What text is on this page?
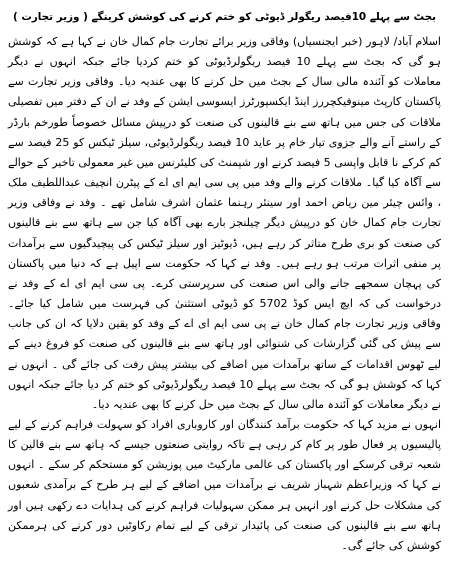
بجٹ سے پہلے 10فیصد ریگولر ڈیوٹی کو ختم کرنے کی کوشش کرینگے ( وزیر تجارت )

اسلام آباد/ لاہور (خبر ایجنسیاں) وفاقی وزیر برائے تجارت جام کمال خان نے کہا ہے کہ کوشش ہو گی کہ بجٹ سے پہلے 10 فیصد ریگولرڈیوٹی کو ختم کردیا جائے جبکہ انہوں نے دیگر معاملات کو آئندہ مالی سال کے بجٹ میں حل کرنے کا بھی عندیہ دیا۔ وفاقی وزیر تجارت سے پاکستان کارپٹ مینوفیکچررز اینڈ ایکسپورٹرز ایسوسی ایشن کے وفد نے ان کے دفتر میں تفصیلی ملاقات کی جس میں ہاتھ سے بنے قالینوں کی صنعت کو درپیش مسائل خصوصاً طورخم بارڈر کے راستے آنے والے جزوی تیار خام پر عاید 10 فیصد ریگولرڈیوٹی، سیلز ٹیکس کو 25 فیصد سے کم کرکے نا قابل واپسی 5 فیصد کرنے اور شپمنٹ کی کلیئرنس میں غیر معمولی تاخیر کے حوالے سے آگاہ کیا گیا۔ ملاقات کرنے والے وفد میں پی سی ایم ای اے کے پیٹرن انچیف عبداللطیف ملک ، وائس چیئر مین ریاض احمد اور سینئر رہنما عثمان اشرف شامل تھے ۔ وفد نے وفاقی وزیر تجارت جام کمال خان کو درپیش دیگر چیلنجز بارے بھی آگاہ کیا جن سے ہاتھ سے بنے قالینوں کی صنعت کو بری طرح متاثر کر رہے ہیں، ڈیوٹیز اور سیلز ٹیکس کی پیچیدگیوں سے برآمدات پر منفی اثرات مرتب ہو رہے ہیں۔ وفد نے کہا کہ حکومت سے اپیل ہے کہ دنیا میں پاکستان کی پہچان سمجھے جانے والی اس صنعت کی سرپرستی کرے۔ پی سی ایم ای اے کے وفد نے درخواست کی کہ ایچ ایس کوڈ 5702 کو ڈیوٹی استثنیٰ کی فہرست میں شامل کیا جائے۔ وفاقی وزیر تجارت جام کمال خان نے پی سی ایم ای اے کے وفد کو یقین دلایا کہ ان کی جانب سے پیش کی گئی گزارشات کی شنوائی اور ہاتھ سے بنے قالینوں کی صنعت کو فروغ دینے کے لیے ٹھوس اقدامات کے ساتھ برآمدات میں اضافے کی بیشتر پیش رفت کی جائے گی ۔ انہوں نے کہا کہ کوشش ہو گی کہ بجٹ سے پہلے 10 فیصد ریگولرڈیوٹی کو ختم کر دیا جائے جبکہ انہوں نے دیگر معاملات کو آئندہ مالی سال کے بجٹ میں حل کرنے کا بھی عندیہ دیا۔

انہوں نے مزید کہا کہ حکومت برآمد کنندگان اور کاروباری افراد کو سہولت فراہم کرنے کے لیے پالیسیوں پر فعال طور پر کام کر رہی ہے تاکہ روایتی صنعتوں جیسے کہ ہاتھ سے بنے قالین کا شعبہ ترقی کرسکے اور پاکستان کی عالمی مارکیٹ میں پوزیشن کو مستحکم کر سکے ۔ انہوں نے کہا کہ وزیراعظم شہباز شریف نے برآمدات میں اضافے کے لیے ہر طرح کے برآمدی شعبوں کی مشکلات حل کرنے اور انہیں ہر ممکن سہولیات فراہم کرنے کی ہدایات دے رکھی ہیں اور ہاتھ سے بنے قالینوں کی صنعت کی پائیدار ترقی کے لیے تمام رکاوٹیں دور کرنے کی ہرممکن کوشش کی جائے گی۔
